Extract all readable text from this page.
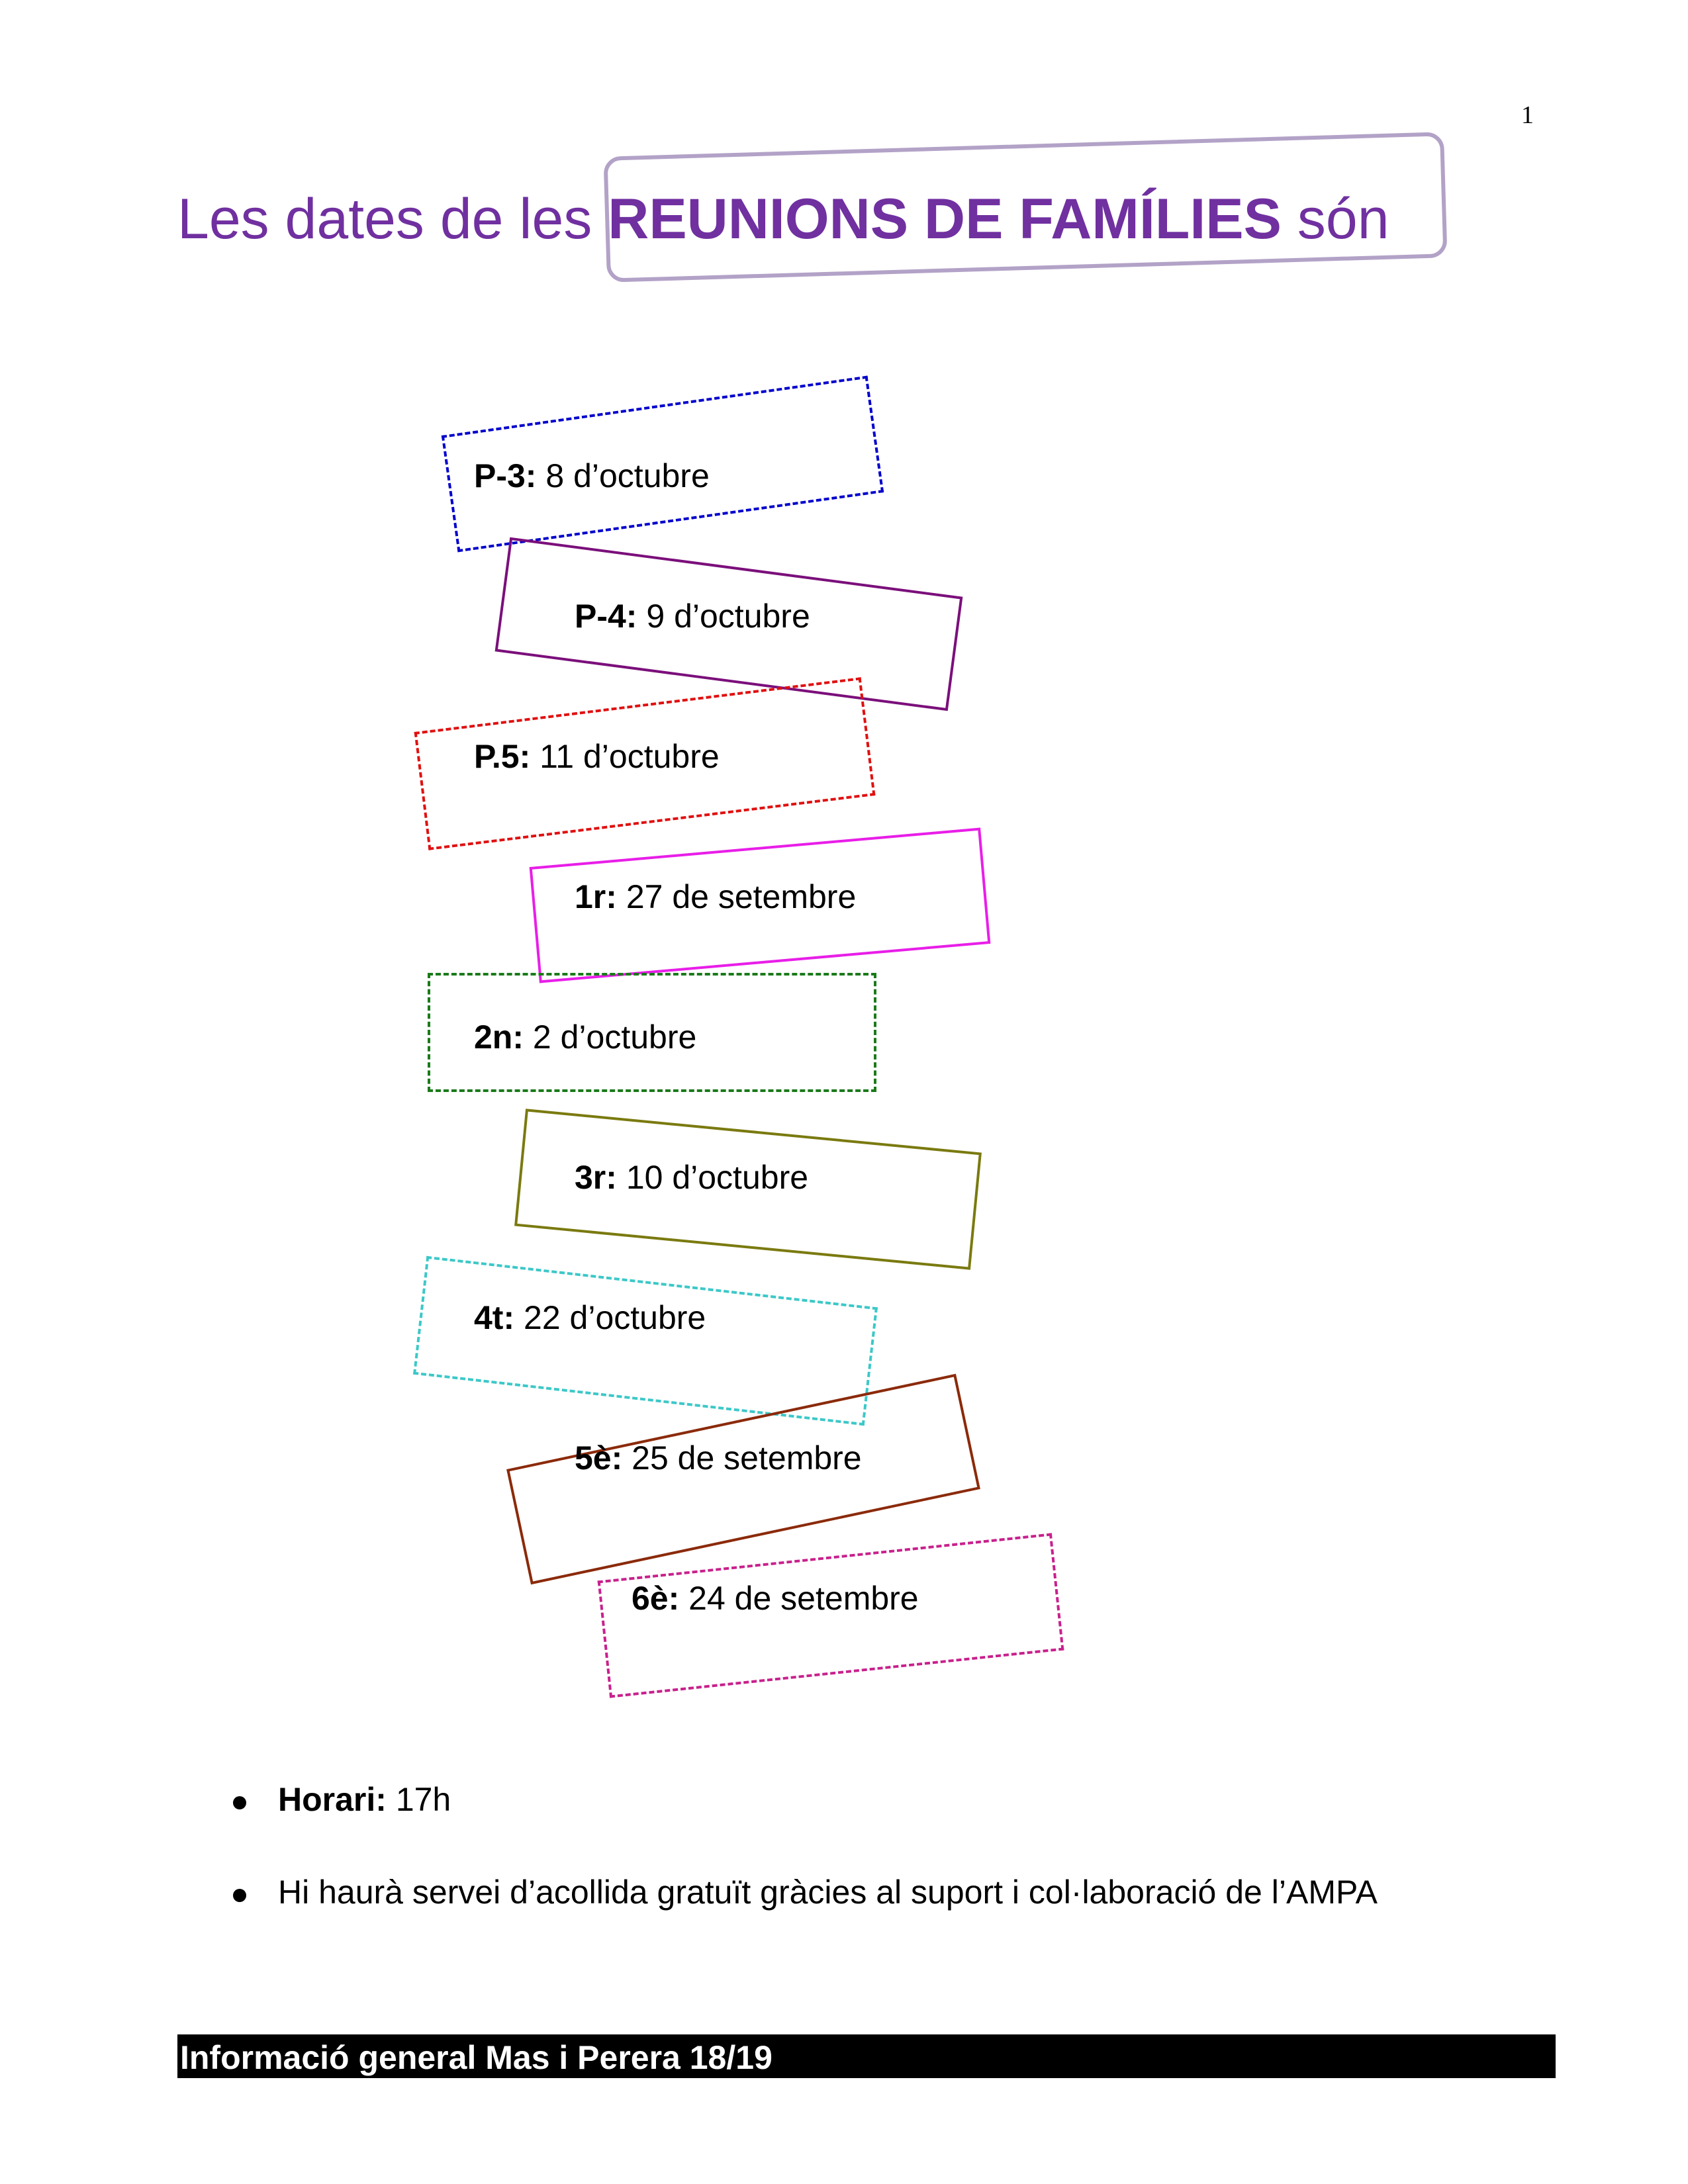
1
Les dates de les REUNIONS DE FAMÍLIES són
P-3: 8 d’octubre
P-4: 9 d’octubre
P.5: 11 d’octubre
1r: 27 de setembre
2n: 2 d’octubre
3r: 10 d’octubre
4t: 22 d’octubre
5è: 25 de setembre
6è: 24 de setembre
Horari: 17h
Hi haurà servei d’acollida gratuït gràcies al suport i col·laboració de l’AMPA
Informació general Mas i Perera 18/19
